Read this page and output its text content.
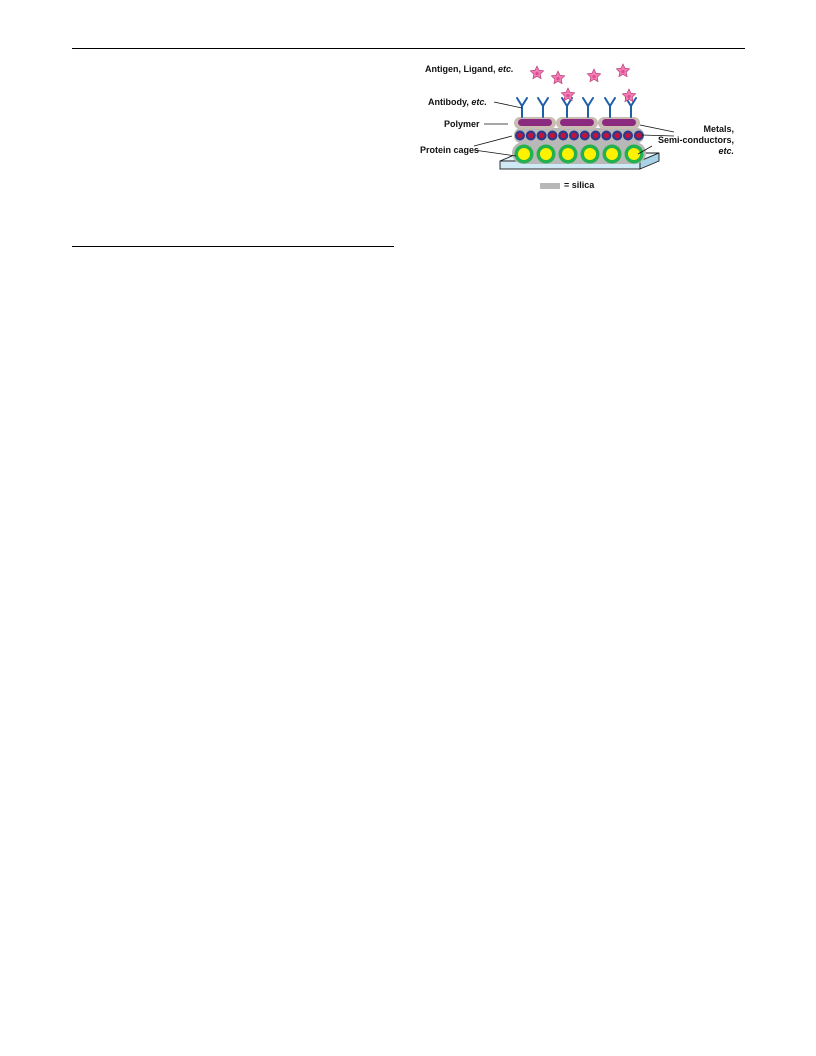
Antigen, Ligand, etc.
Antibody, etc.
Polymer
Protein cages
Metals,
Semi-conductors,
etc.
= silica
